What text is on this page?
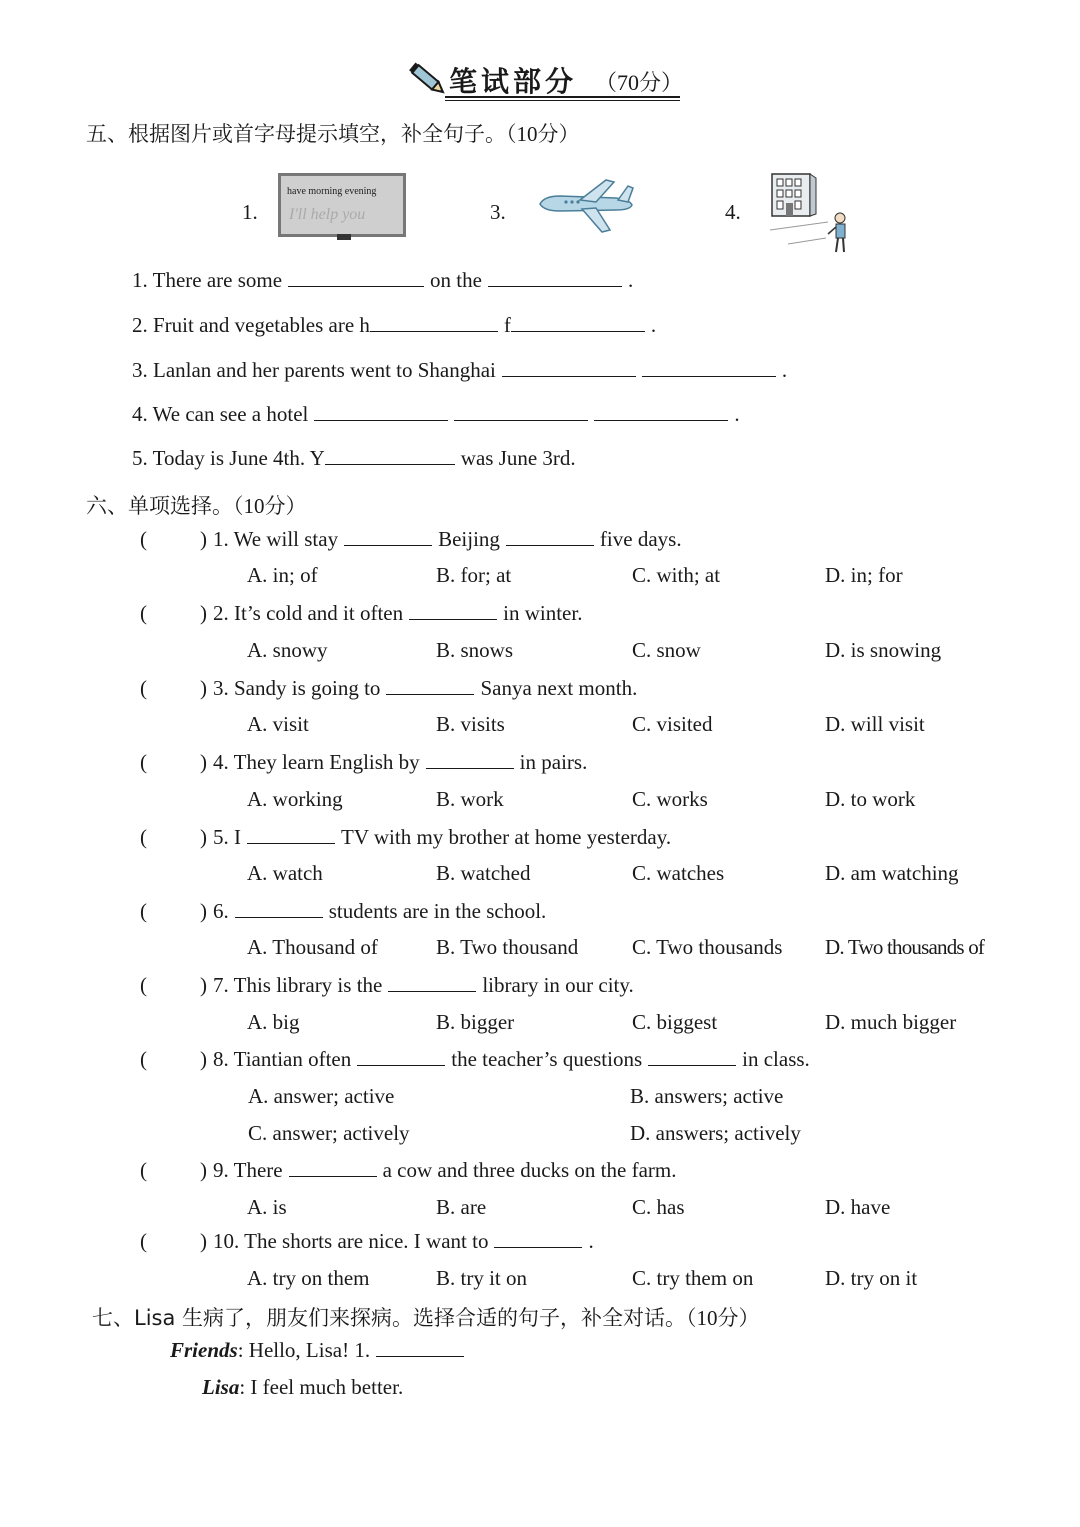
笔试部分 （70分）
五、根据图片或首字母提示填空，补全句子。（10分）
1.
have morning evening
I'll help you	3.	4.
1. There are some	on the	.
2. Fruit and vegetables are h	f	.
3. Lanlan and her parents went to Shanghai	.
4. We can see a hotel	.
5. Today is June 4th. Y	was June 3rd.
六、单项选择。（10分）
(	) 1. We will stay	Beijing	five days.
A. in; of	B. for; at	C. with; at	D. in; for
(	) 2. It’s cold and it often	in winter.
A. snowy	B. snows	C. snow	D. is snowing
(	) 3. Sandy is going to	Sanya next month.
A. visit	B. visits	C. visited	D. will visit
(	) 4. They learn English by	in pairs.
A. working	B. work	C. works	D. to work
(	) 5. I	TV with my brother at home yesterday.
A. watch	B. watched	C. watches	D. am watching
(	) 6.	students are in the school.
A. Thousand of	B. Two thousand	C. Two thousands D. Two thousands of
(	) 7. This library is the	library in our city.
A. big	B. bigger	C. biggest	D. much bigger
(	) 8. Tiantian often	the teacher’s questions	in class.
A. answer; active	B. answers; active
C. answer; actively	D. answers; actively
(	) 9. There	a cow and three ducks on the farm.
A. is	B. are	C. has	D. have
(	) 10. The shorts are nice. I want to	.
A. try on them	B. try it on	C. try them on	D. try on it
七、Lisa 生病了，朋友们来探病。选择合适的句子，补全对话。（10分）
Friends: Hello, Lisa! 1.
Lisa: I feel much better.
